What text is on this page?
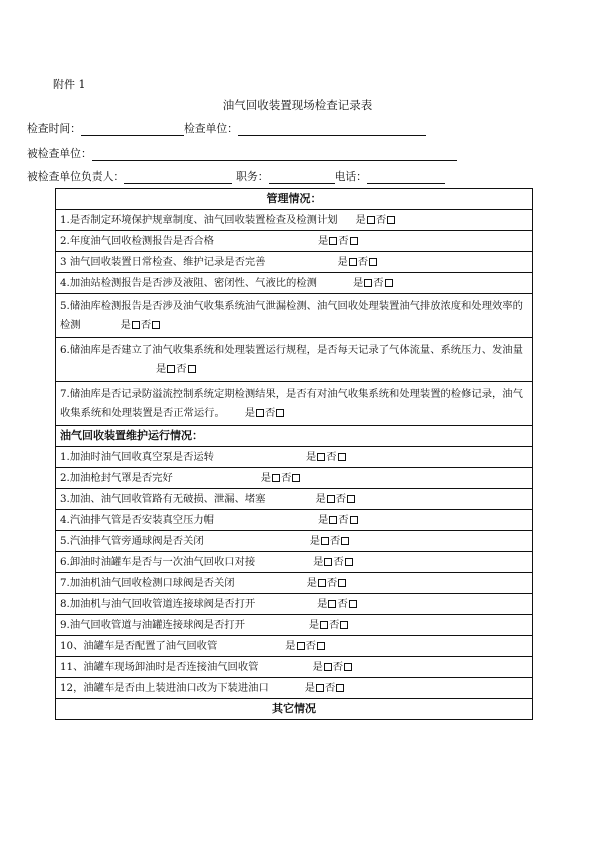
附件 1
油气回收装置现场检查记录表
检查时间：	检查单位：
被检查单位：
被检查单位负责人：	职务：	电话：
管理情况：
1.是否制定环境保护规章制度、油气回收装置检查及检测计划 是 否
2.年度油气回收检测报告是否合格	是 否
3 油气回收装置日常检查、维护记录是否完善	是 否
4.加油站检测报告是否涉及液阻、密闭性、气液比的检测	是 否
5.储油库检测报告是否涉及油气收集系统油气泄漏检测、油气回收处理装置油气排放浓度和处理效率的检测	是 否
6.储油库是否建立了油气收集系统和处理装置运行规程，是否每天记录了气体流量、系统压力、发油量是 否
7.储油库是否记录防溢流控制系统定期检测结果，是否有对油气收集系统和处理装置的检修记录，油气收集系统和处理装置是否正常运行。 是 否
油气回收装置维护运行情况：
1.加油时油气回收真空泵是否运转	是 否
2.加油枪封气罩是否完好	是 否
3.加油、油气回收管路有无破损、泄漏、堵塞	是 否
4.汽油排气管是否安装真空压力帽	是 否
5.汽油排气管旁通球阀是否关闭	是 否
6.卸油时油罐车是否与一次油气回收口对接	是 否
7.加油机油气回收检测口球阀是否关闭	是 否
8.加油机与油气回收管道连接球阀是否打开	是 否
9.油气回收管道与油罐连接球阀是否打开	是 否
10、油罐车是否配置了油气回收管	是 否
11、油罐车现场卸油时是否连接油气回收管	是 否
12，油罐车是否由上装进油口改为下装进油口	是 否
其它情况
